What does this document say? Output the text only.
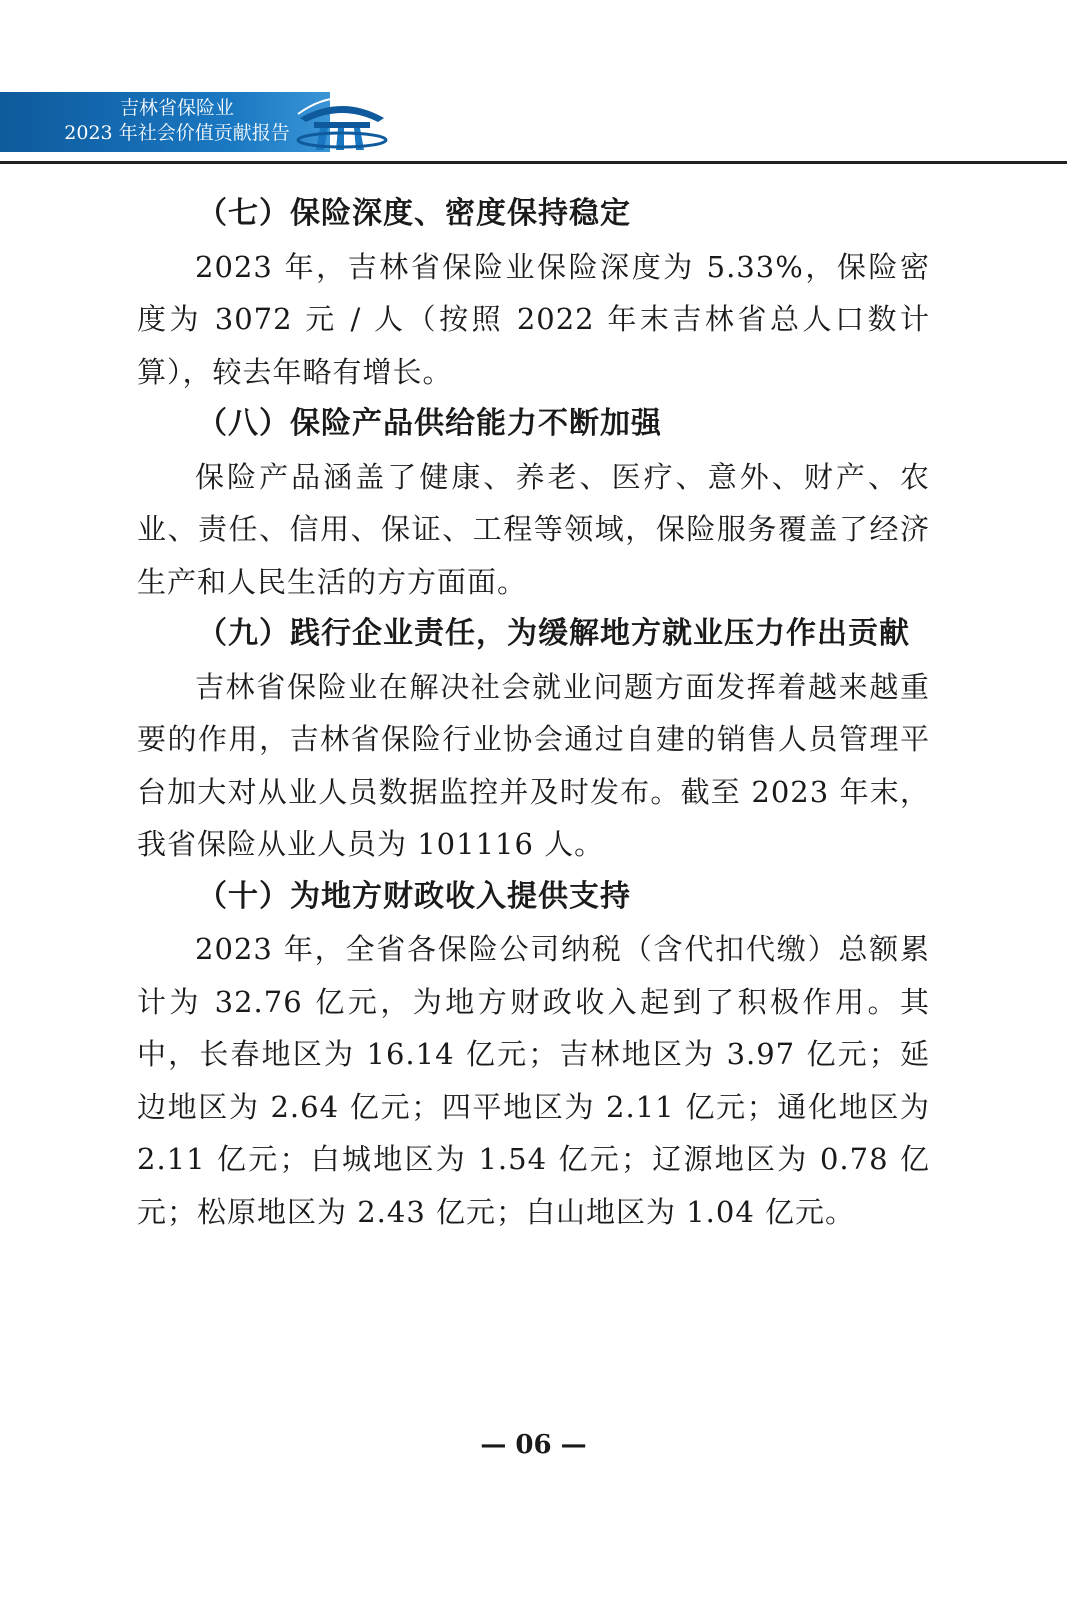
吉林省保险业
2023 年社会价值贡献报告
（七）保险深度、密度保持稳定

2023 年，吉林省保险业保险深度为 5.33%，保险密度为 3072 元 / 人（按照 2022 年末吉林省总人口数计算），较去年略有增长。

（八）保险产品供给能力不断加强

保险产品涵盖了健康、养老、医疗、意外、财产、农业、责任、信用、保证、工程等领域，保险服务覆盖了经济生产和人民生活的方方面面。

（九）践行企业责任，为缓解地方就业压力作出贡献

吉林省保险业在解决社会就业问题方面发挥着越来越重要的作用，吉林省保险行业协会通过自建的销售人员管理平台加大对从业人员数据监控并及时发布。截至 2023 年末，我省保险从业人员为 101116 人。

（十）为地方财政收入提供支持

2023 年，全省各保险公司纳税（含代扣代缴）总额累计为 32.76 亿元，为地方财政收入起到了积极作用。其中，长春地区为 16.14 亿元；吉林地区为 3.97 亿元；延边地区为 2.64 亿元；四平地区为 2.11 亿元；通化地区为 2.11 亿元；白城地区为 1.54 亿元；辽源地区为 0.78 亿元；松原地区为 2.43 亿元；白山地区为 1.04 亿元。

— 06 —
